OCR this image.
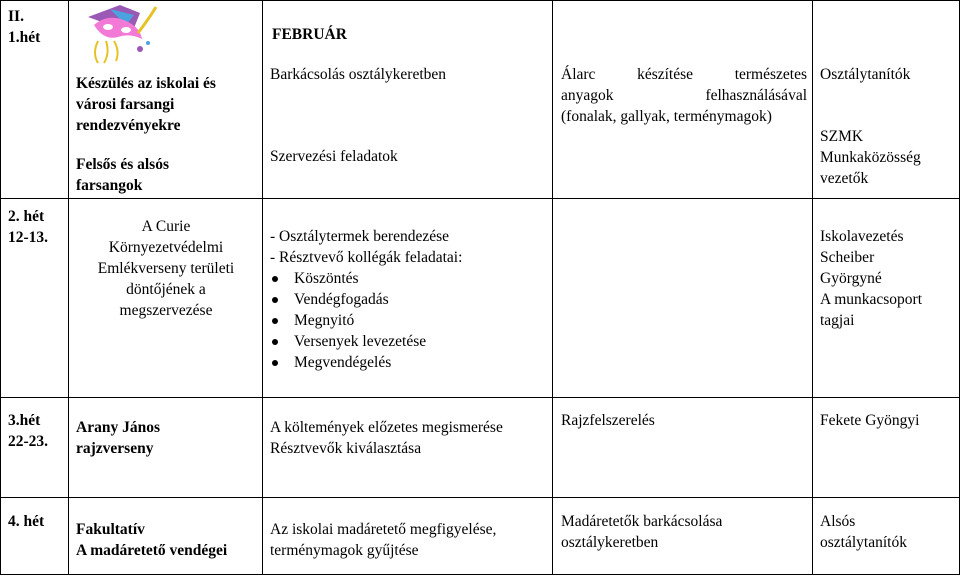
II.
1.hét	FEBRUÁR
Készülés az iskolai és
városi farsangi
rendezvényekre
Felsős és alsós
farsangok
Barkácsolás osztálykeretben
Szervezési feladatok
Álarc készítése természetes
anyagok felhasználásával
(fonalak, gallyak, terménymagok)
Osztálytanítók
SZMK
Munkaközösség
vezetők
2. hét
12-13.
A Curie
Környezetvédelmi
Emlékverseny területi
döntőjének a
megszervezése
- Osztálytermek berendezése
- Résztvevő kollégák feladatai:
Köszöntés
Vendégfogadás
Megnyitó
Versenyek levezetése
Megvendégelés
Iskolavezetés
Scheiber
Györgyné
A munkacsoport
tagjai
3.hét
22-23.
Arany János
rajzverseny
A költemények előzetes megismerése
Résztvevők kiválasztása
Rajzfelszerelés	Fekete Gyöngyi
4. hét Fakultatív
A madáretető vendégei
Az iskolai madáretető megfigyelése,
terménymagok gyűjtése
Madáretetők barkácsolása
osztálykeretben
Alsós
osztálytanítók
